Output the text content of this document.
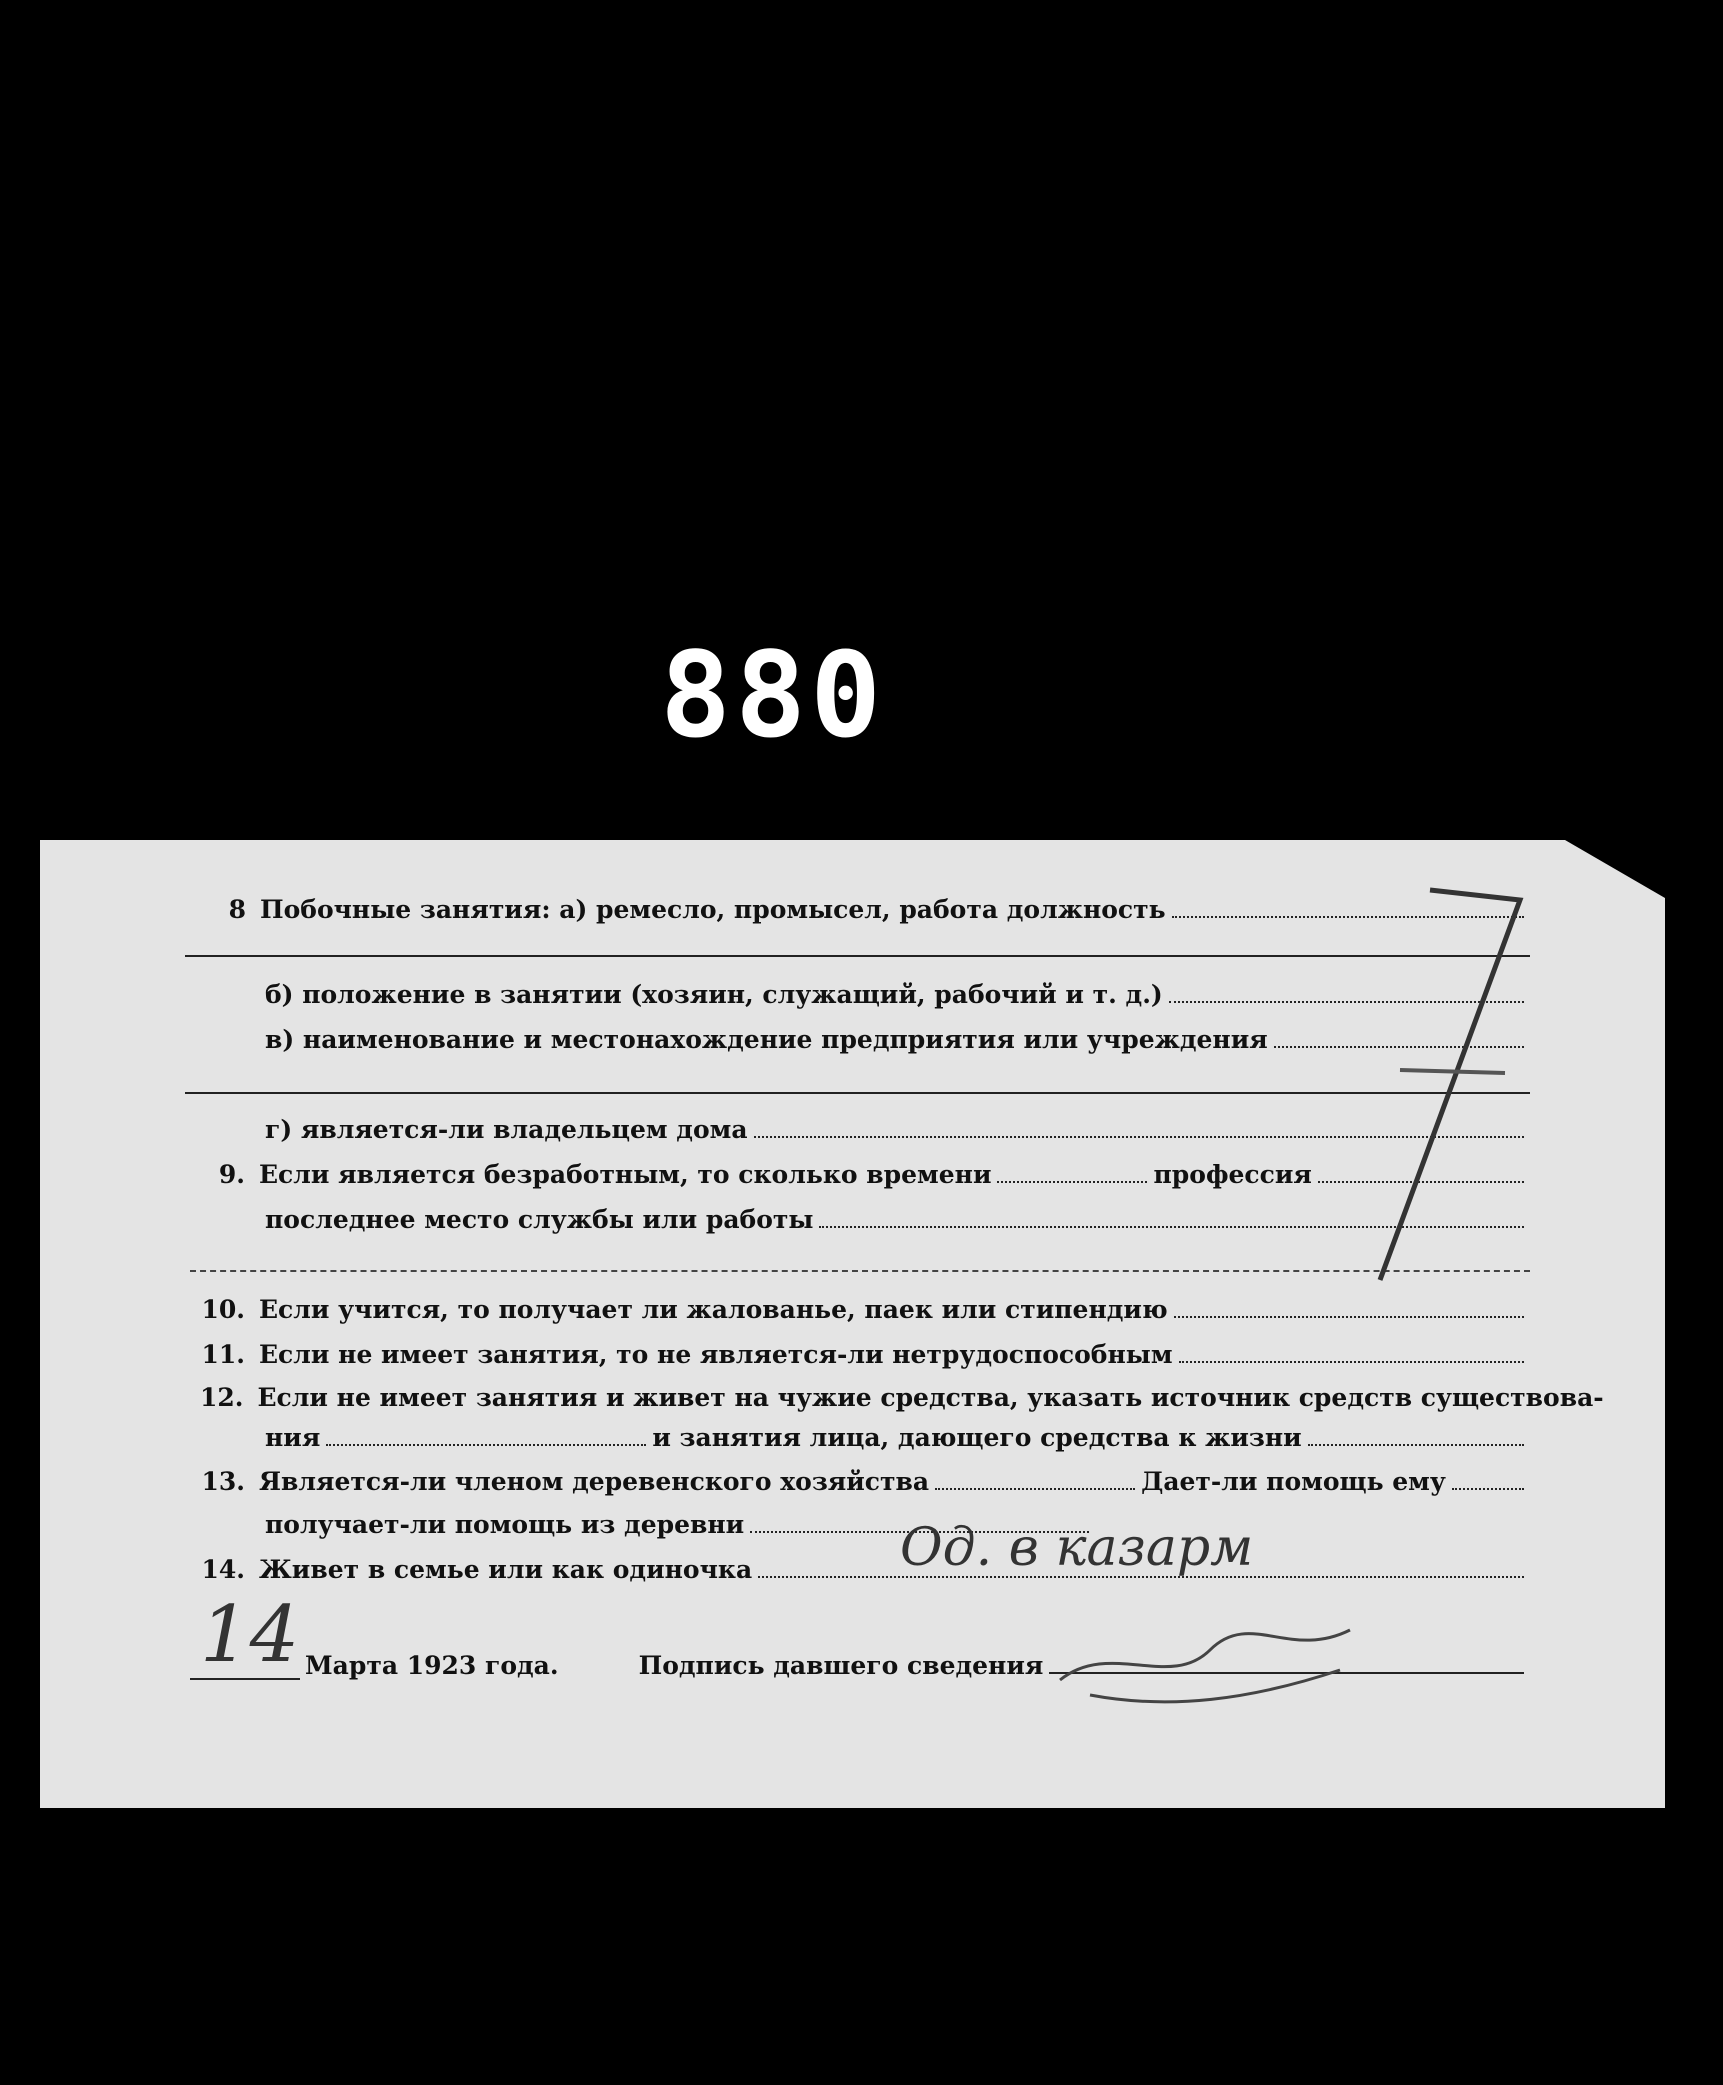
880
8 Побочные занятия: а) ремесло, промысел, работа должность
б) положение в занятии (хозяин, служащий, рабочий и т. д.)
в) наименование и местонахождение предприятия или учреждения
г) является-ли владельцем дома
9. Если является безработным, то сколько времени	профессия
последнее место службы или работы
10. Если учится, то получает ли жалованье, паек или стипендию
11. Если не имеет занятия, то не является-ли нетрудоспособным
12. Если не имеет занятия и живет на чужие средства, указать источник средств существова-
ния	и занятия лица, дающего средства к жизни
13. Является-ли членом деревенского хозяйства	Дает-ли помощь ему
получает-ли помощь из деревни
14. Живет в семье или как одиночка	Од. в казарм
14 Марта 1923 года.	Подпись давшего сведения
